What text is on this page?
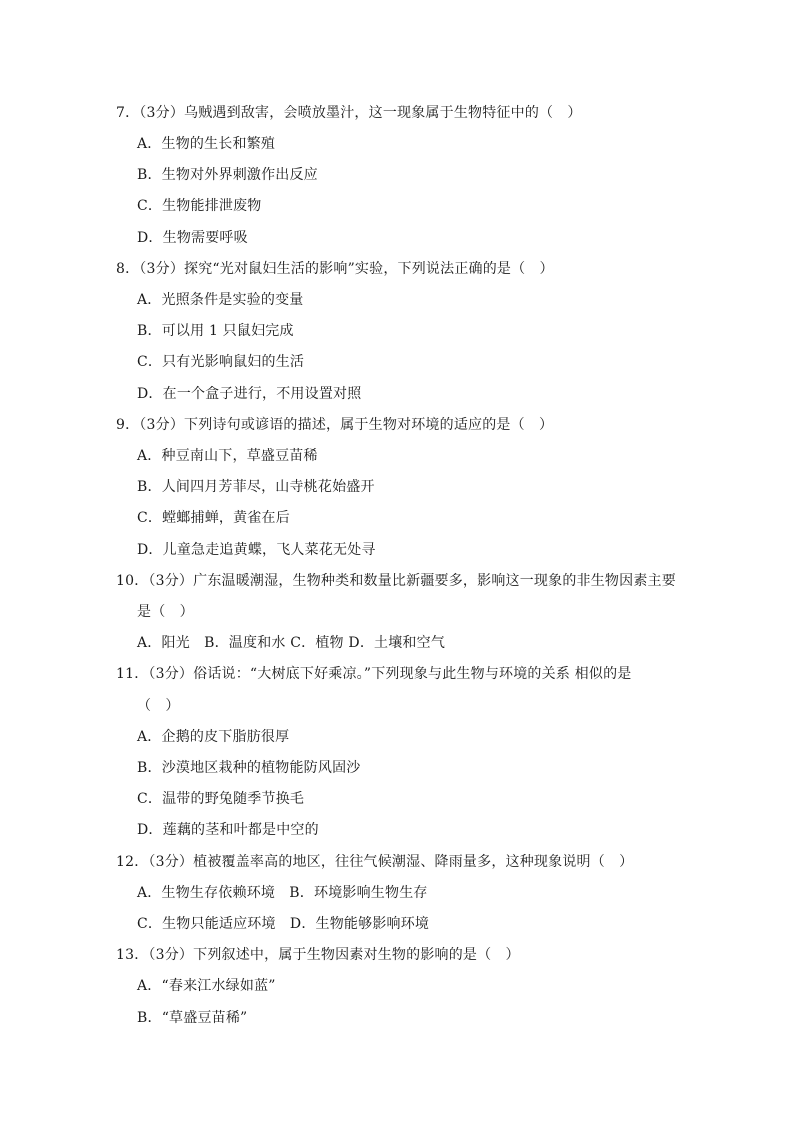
7．（3分）乌贼遇到敌害，会喷放墨汁，这一现象属于生物特征中的（　）
A．生物的生长和繁殖
B．生物对外界刺激作出反应
C．生物能排泄废物
D．生物需要呼吸
8．（3分）探究“光对鼠妇生活的影响”实验，下列说法正确的是（　）
A．光照条件是实验的变量
B．可以用 1 只鼠妇完成
C．只有光影响鼠妇的生活
D．在一个盒子进行，不用设置对照
9．（3分）下列诗句或谚语的描述，属于生物对环境的适应的是（　）
A．种豆南山下，草盛豆苗稀
B．人间四月芳菲尽，山寺桃花始盛开
C．螳螂捕蝉，黄雀在后
D．儿童急走追黄蝶，飞人菜花无处寻
10．（3分）广东温暖潮湿，生物种类和数量比新疆要多，影响这一现象的非生物因素主要
是（　）
A．阳光　B．温度和水 C．植物 D．土壤和空气
11．（3分）俗话说：“大树底下好乘凉。”下列现象与此生物与环境的关系 相似的是
（　）
A．企鹅的皮下脂肪很厚
B．沙漠地区栽种的植物能防风固沙
C．温带的野兔随季节换毛
D．莲藕的茎和叶都是中空的
12．（3分）植被覆盖率高的地区，往往气候潮湿、降雨量多，这种现象说明（　）
A．生物生存依赖环境　B．环境影响生物生存
C．生物只能适应环境　D．生物能够影响环境
13．（3分）下列叙述中，属于生物因素对生物的影响的是（　）
A．“春来江水绿如蓝”
B．“草盛豆苗稀”
